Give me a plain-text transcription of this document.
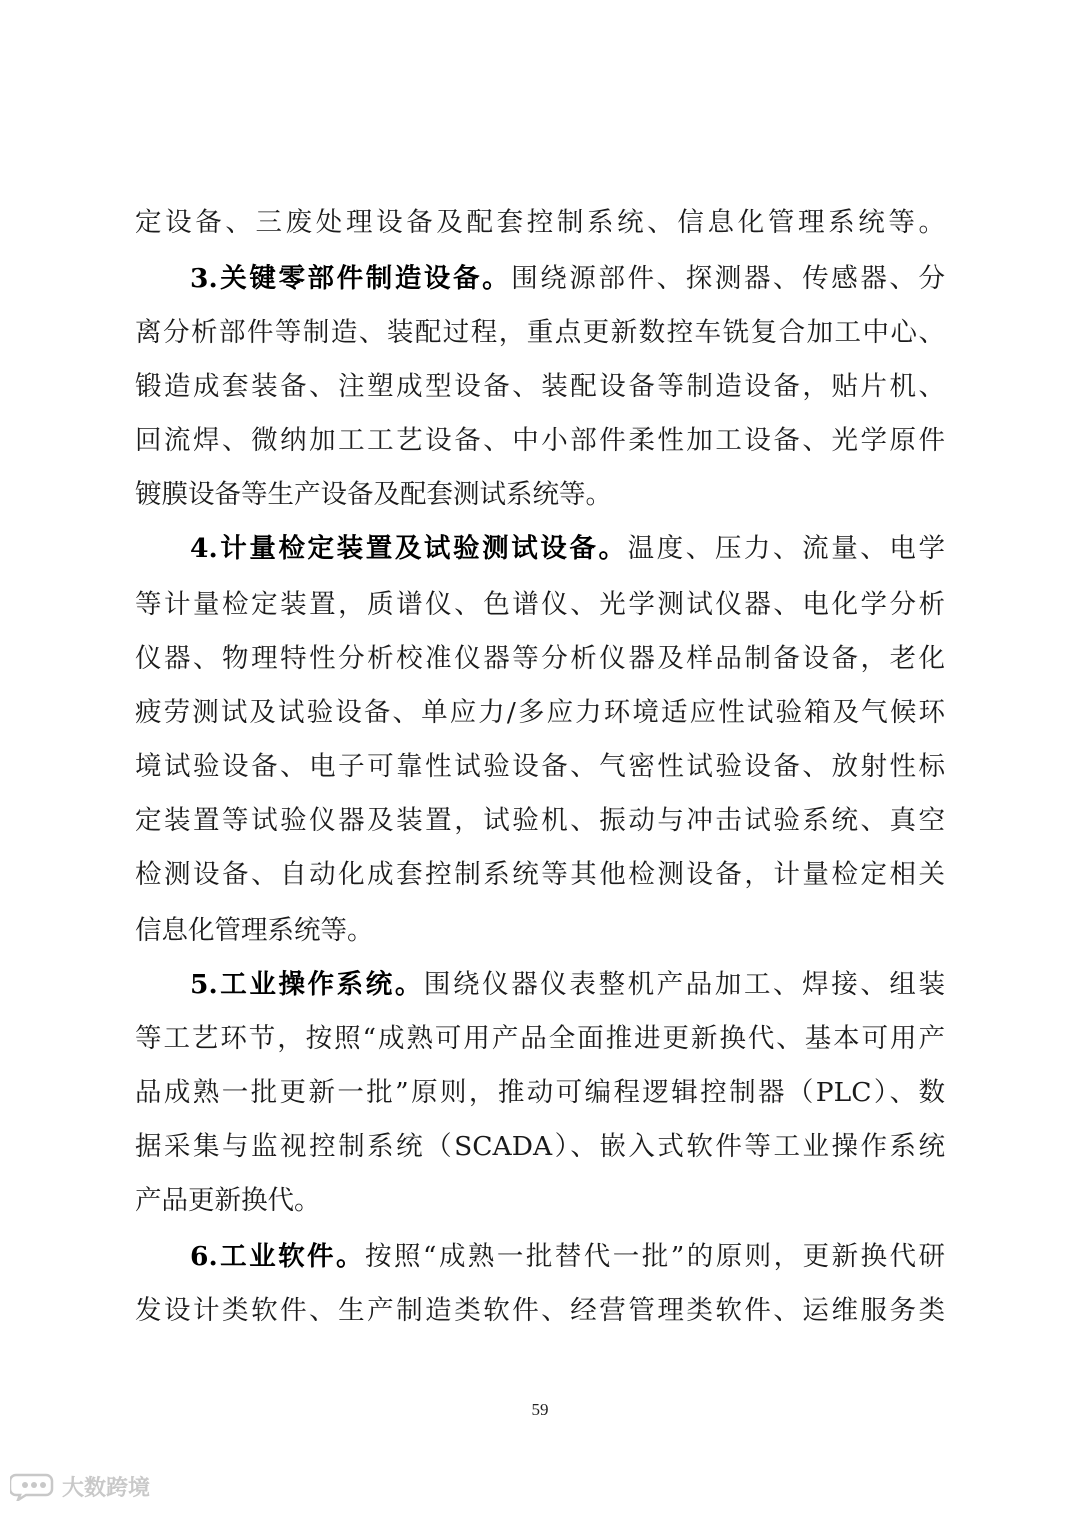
定设备、三废处理设备及配套控制系统、信息化管理系统等。
3.关键零部件制造设备。围绕源部件、探测器、传感器、分
离分析部件等制造、装配过程，重点更新数控车铣复合加工中心、
锻造成套装备、注塑成型设备、装配设备等制造设备，贴片机、
回流焊、微纳加工工艺设备、中小部件柔性加工设备、光学原件
镀膜设备等生产设备及配套测试系统等。
4.计量检定装置及试验测试设备。温度、压力、流量、电学
等计量检定装置，质谱仪、色谱仪、光学测试仪器、电化学分析
仪器、物理特性分析校准仪器等分析仪器及样品制备设备，老化
疲劳测试及试验设备、单应力/多应力环境适应性试验箱及气候环
境试验设备、电子可靠性试验设备、气密性试验设备、放射性标
定装置等试验仪器及装置，试验机、振动与冲击试验系统、真空
检测设备、自动化成套控制系统等其他检测设备，计量检定相关
信息化管理系统等。
5.工业操作系统。围绕仪器仪表整机产品加工、焊接、组装
等工艺环节，按照“成熟可用产品全面推进更新换代、基本可用产
品成熟一批更新一批”原则，推动可编程逻辑控制器（PLC）、数
据采集与监视控制系统（SCADA）、嵌入式软件等工业操作系统
产品更新换代。
6.工业软件。按照“成熟一批替代一批”的原则，更新换代研
发设计类软件、生产制造类软件、经营管理类软件、运维服务类
59
大数跨境
